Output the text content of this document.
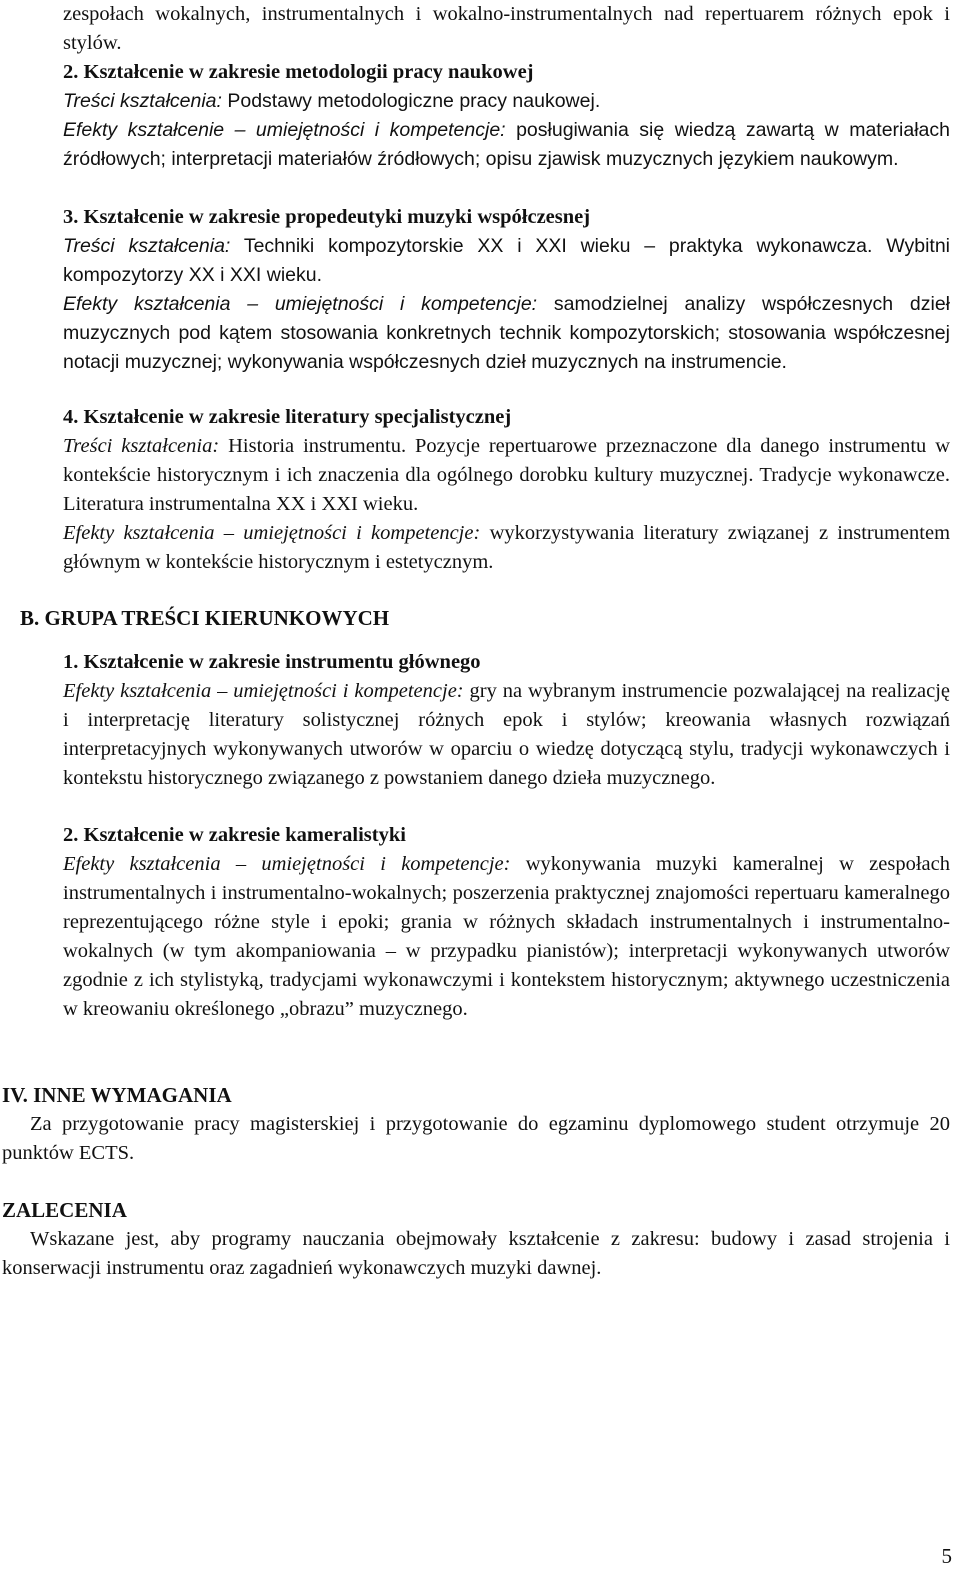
zespołach wokalnych, instrumentalnych i wokalno-instrumentalnych nad repertuarem różnych epok i stylów.

2. Kształcenie w zakresie metodologii pracy naukowej

Treści kształcenia: Podstawy metodologiczne pracy naukowej.

Efekty kształcenie – umiejętności i kompetencje: posługiwania się wiedzą zawartą w materiałach źródłowych; interpretacji materiałów źródłowych; opisu zjawisk muzycznych językiem naukowym.

3. Kształcenie w zakresie propedeutyki muzyki współczesnej

Treści kształcenia: Techniki kompozytorskie XX i XXI wieku – praktyka wykonawcza. Wybitni kompozytorzy XX i XXI wieku.

Efekty kształcenia – umiejętności i kompetencje: samodzielnej analizy współczesnych dzieł muzycznych pod kątem stosowania konkretnych technik kompozytorskich; stosowania współczesnej notacji muzycznej; wykonywania współczesnych dzieł muzycznych na instrumencie.

4. Kształcenie w zakresie literatury specjalistycznej

Treści kształcenia: Historia instrumentu. Pozycje repertuarowe przeznaczone dla danego instrumentu w kontekście historycznym i ich znaczenia dla ogólnego dorobku kultury muzycznej. Tradycje wykonawcze. Literatura instrumentalna XX i XXI wieku.

Efekty kształcenia – umiejętności i kompetencje: wykorzystywania literatury związanej z instrumentem głównym w kontekście historycznym i estetycznym.

B. GRUPA TREŚCI KIERUNKOWYCH

1. Kształcenie w zakresie instrumentu głównego

Efekty kształcenia – umiejętności i kompetencje: gry na wybranym instrumencie pozwalającej na realizację i interpretację literatury solistycznej różnych epok i stylów; kreowania własnych rozwiązań interpretacyjnych wykonywanych utworów w oparciu o wiedzę dotyczącą stylu, tradycji wykonawczych i kontekstu historycznego związanego z powstaniem danego dzieła muzycznego.

2. Kształcenie w zakresie kameralistyki

Efekty kształcenia – umiejętności i kompetencje: wykonywania muzyki kameralnej w zespołach instrumentalnych i instrumentalno-wokalnych; poszerzenia praktycznej znajomości repertuaru kameralnego reprezentującego różne style i epoki; grania w różnych składach instrumentalnych i instrumentalno-wokalnych (w tym akompaniowania – w przypadku pianistów); interpretacji wykonywanych utworów zgodnie z ich stylistyką, tradycjami wykonawczymi i kontekstem historycznym; aktywnego uczestniczenia w kreowaniu określonego „obrazu” muzycznego.

IV. INNE WYMAGANIA

Za przygotowanie pracy magisterskiej i przygotowanie do egzaminu dyplomowego student otrzymuje 20 punktów ECTS.

ZALECENIA

Wskazane jest, aby programy nauczania obejmowały kształcenie z zakresu: budowy i zasad strojenia i konserwacji instrumentu oraz zagadnień wykonawczych muzyki dawnej.

5
